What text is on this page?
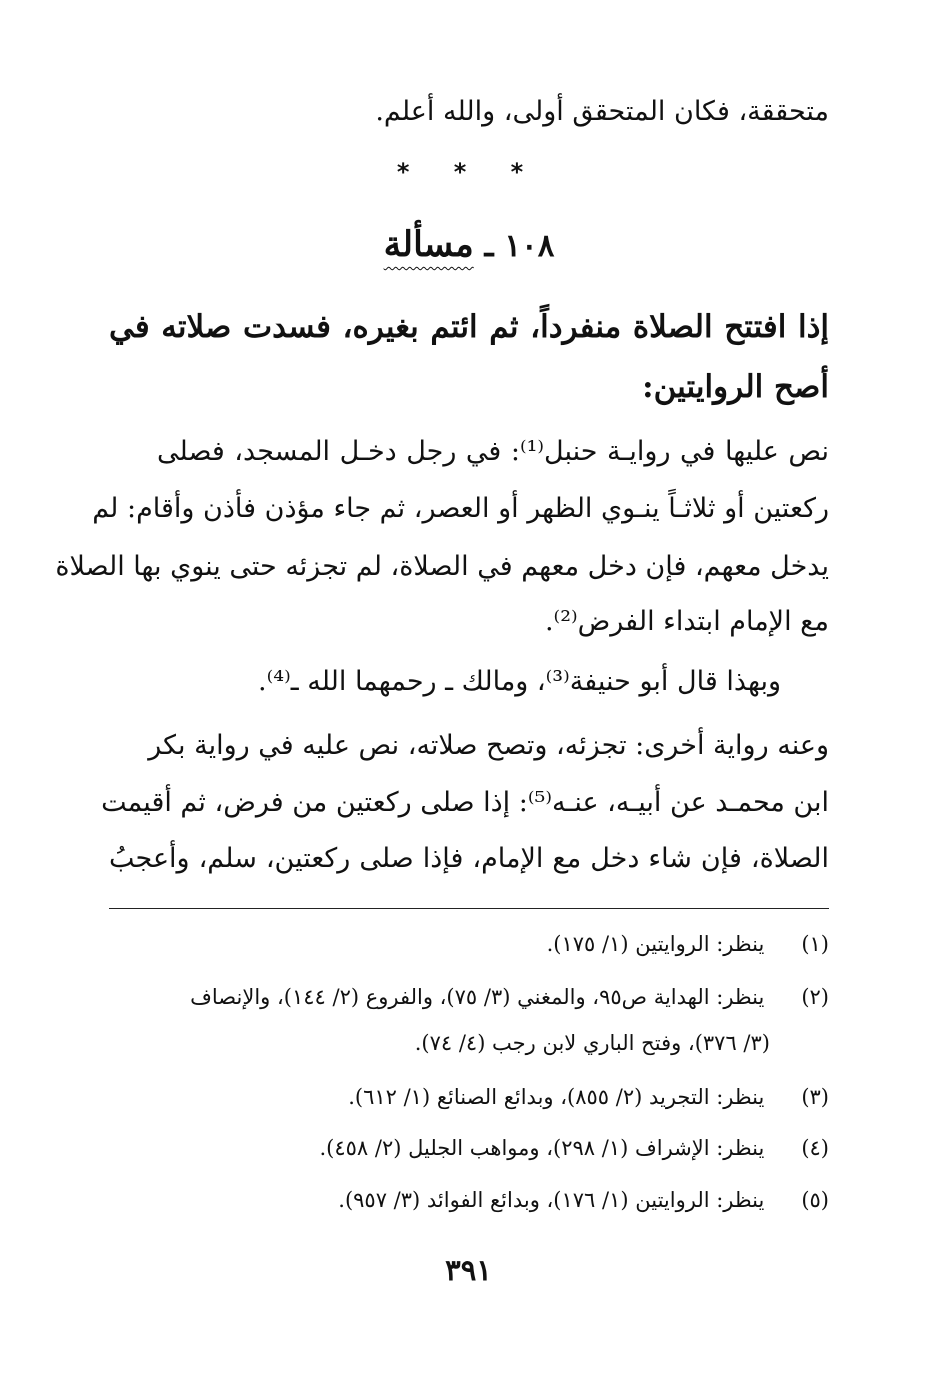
متحققة، فكان المتحقق أولى، والله أعلم.
* * *
١٠٨ ـ مسألة
إذا افتتح الصلاة منفرداً، ثم ائتم بغيره، فسدت صلاته في
أصح الروايتين:
نص عليها في روايـة حنبل⁽¹⁾: في رجل دخـل المسجد، فصلى
ركعتين أو ثلاثـاً ينـوي الظهر أو العصر، ثم جاء مؤذن فأذن وأقام: لم
يدخل معهم، فإن دخل معهم في الصلاة، لم تجزئه حتى ينوي بها الصلاة
مع الإمام ابتداء الفرض⁽²⁾.
وبهذا قال أبو حنيفة⁽³⁾، ومالك ـ رحمهما الله ـ⁽⁴⁾.
وعنه رواية أخرى: تجزئه، وتصح صلاته، نص عليه في رواية بكر
ابن محمـد عن أبيـه، عنـه⁽⁵⁾: إذا صلى ركعتين من فرض، ثم أقيمت
الصلاة، فإن شاء دخل مع الإمام، فإذا صلى ركعتين، سلم، وأعجبُ
(١) ينظر: الروايتين (١/ ١٧٥).
(٢) ينظر: الهداية ص٩٥، والمغني (٣/ ٧٥)، والفروع (٢/ ١٤٤)، والإنصاف
(٣/ ٣٧٦)، وفتح الباري لابن رجب (٤/ ٧٤).
(٣) ينظر: التجريد (٢/ ٨٥٥)، وبدائع الصنائع (١/ ٦١٢).
(٤) ينظر: الإشراف (١/ ٢٩٨)، ومواهب الجليل (٢/ ٤٥٨).
(٥) ينظر: الروايتين (١/ ١٧٦)، وبدائع الفوائد (٣/ ٩٥٧).
٣٩١
